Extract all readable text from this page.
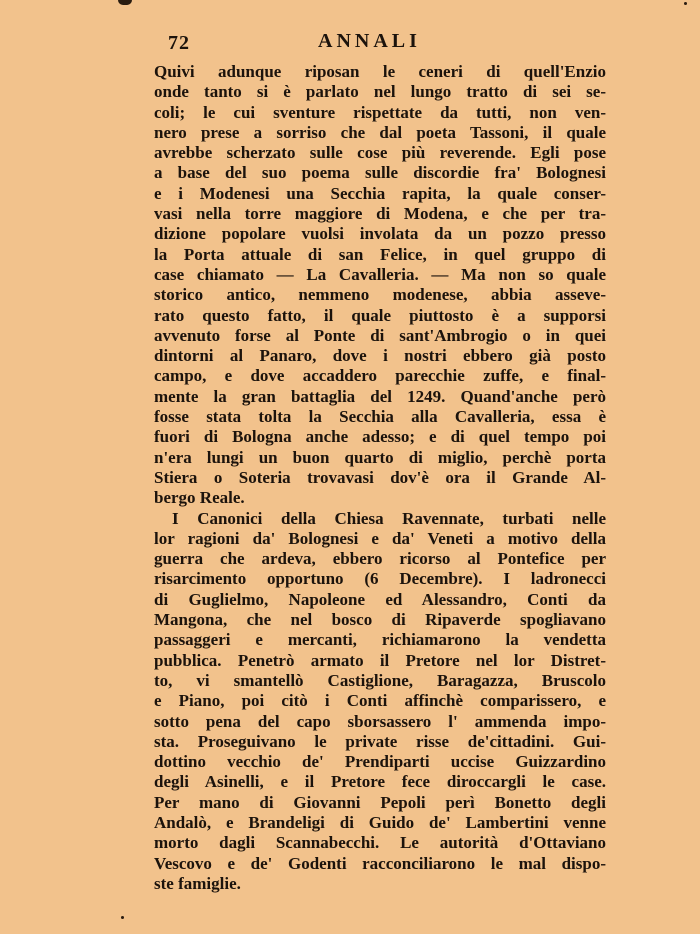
72	ANNALI
Quivi adunque riposan le ceneri di quell'Enzio
onde tanto si è parlato nel lungo tratto di sei se-
coli; le cui sventure rispettate da tutti, non ven-
nero prese a sorriso che dal poeta Tassoni, il quale
avrebbe scherzato sulle cose più reverende. Egli pose
a base del suo poema sulle discordie fra' Bolognesi
e i Modenesi una Secchia rapita, la quale conser-
vasi nella torre maggiore di Modena, e che per tra-
dizione popolare vuolsi involata da un pozzo presso
la Porta attuale di san Felice, in quel gruppo di
case chiamato — La Cavalleria. — Ma non so quale
storico antico, nemmeno modenese, abbia asseve-
rato questo fatto, il quale piuttosto è a supporsi
avvenuto forse al Ponte di sant'Ambrogio o in quei
dintorni al Panaro, dove i nostri ebbero già posto
campo, e dove accaddero parecchie zuffe, e final-
mente la gran battaglia del 1249. Quand'anche però
fosse stata tolta la Secchia alla Cavalleria, essa è
fuori di Bologna anche adesso; e di quel tempo poi
n'era lungi un buon quarto di miglio, perchè porta
Stiera o Soteria trovavasi dov'è ora il Grande Al-
bergo Reale.
I Canonici della Chiesa Ravennate, turbati nelle
lor ragioni da' Bolognesi e da' Veneti a motivo della
guerra che ardeva, ebbero ricorso al Pontefice per
risarcimento opportuno (6 Decembre). I ladronecci
di Guglielmo, Napoleone ed Alessandro, Conti da
Mangona, che nel bosco di Ripaverde spogliavano
passaggeri e mercanti, richiamarono la vendetta
pubblica. Penetrò armato il Pretore nel lor Distret-
to, vi smantellò Castiglione, Baragazza, Bruscolo
e Piano, poi citò i Conti affinchè comparissero, e
sotto pena del capo sborsassero l' ammenda impo-
sta. Proseguivano le private risse de'cittadini. Gui-
dottino vecchio de' Prendiparti uccise Guizzardino
degli Asinelli, e il Pretore fece diroccargli le case.
Per mano di Giovanni Pepoli perì Bonetto degli
Andalò, e Brandeligi di Guido de' Lambertini venne
morto dagli Scannabecchi. Le autorità d'Ottaviano
Vescovo e de' Godenti racconciliarono le mal dispo-
ste famiglie.
